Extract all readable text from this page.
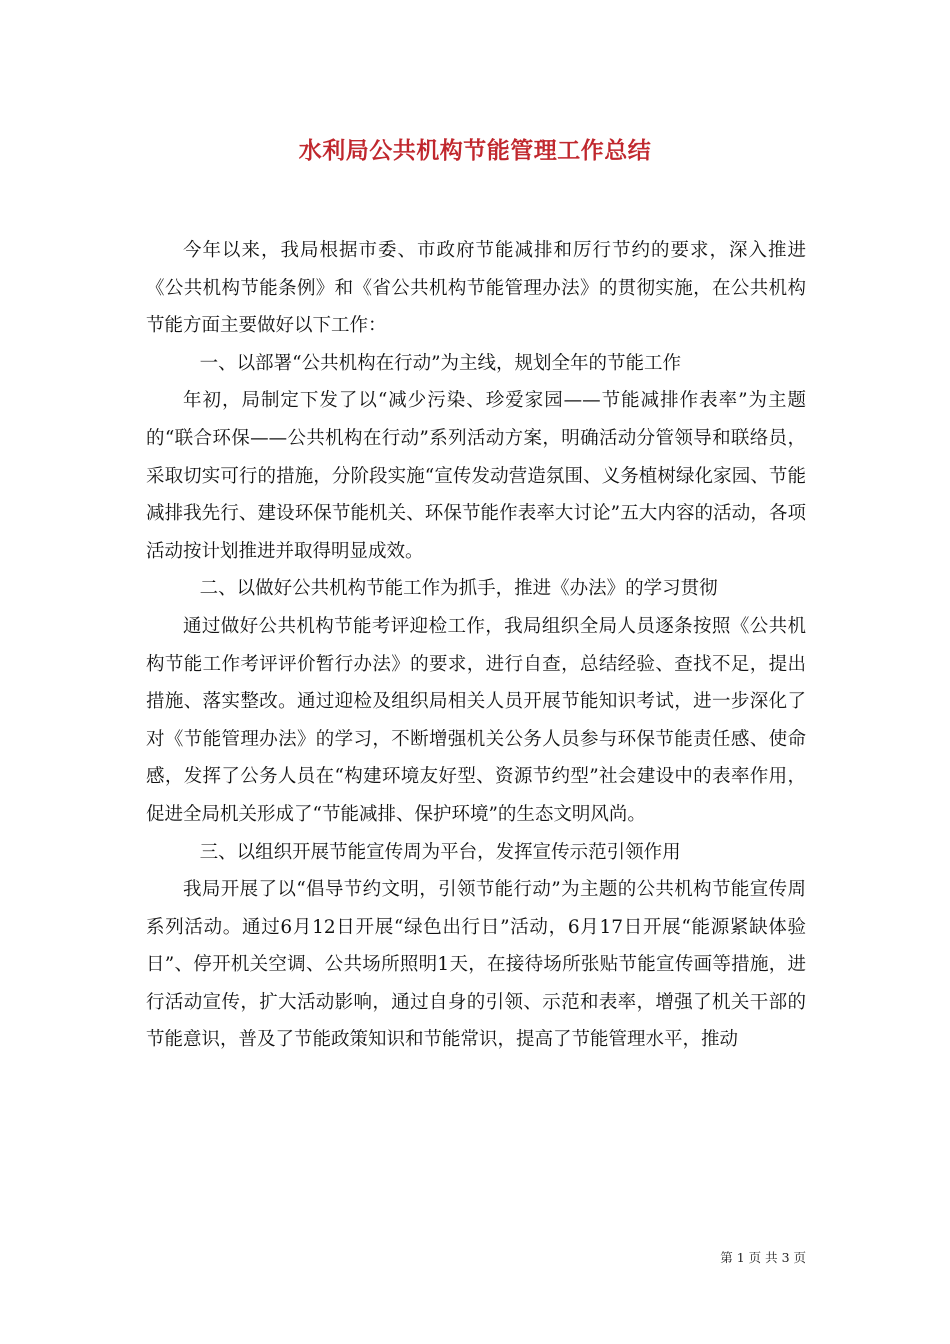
水利局公共机构节能管理工作总结

今年以来，我局根据市委、市政府节能减排和厉行节约的要求，深入推进《公共机构节能条例》和《省公共机构节能管理办法》的贯彻实施，在公共机构节能方面主要做好以下工作：

一、以部署“公共机构在行动”为主线，规划全年的节能工作

年初，局制定下发了以“减少污染、珍爱家园——节能减排作表率”为主题的“联合环保——公共机构在行动”系列活动方案，明确活动分管领导和联络员，采取切实可行的措施，分阶段实施“宣传发动营造氛围、义务植树绿化家园、节能减排我先行、建设环保节能机关、环保节能作表率大讨论”五大内容的活动，各项活动按计划推进并取得明显成效。

二、以做好公共机构节能工作为抓手，推进《办法》的学习贯彻

通过做好公共机构节能考评迎检工作，我局组织全局人员逐条按照《公共机构节能工作考评评价暂行办法》的要求，进行自查，总结经验、查找不足，提出措施、落实整改。通过迎检及组织局相关人员开展节能知识考试，进一步深化了对《节能管理办法》的学习，不断增强机关公务人员参与环保节能责任感、使命感，发挥了公务人员在“构建环境友好型、资源节约型”社会建设中的表率作用，促进全局机关形成了“节能减排、保护环境”的生态文明风尚。

三、以组织开展节能宣传周为平台，发挥宣传示范引领作用

我局开展了以“倡导节约文明，引领节能行动”为主题的公共机构节能宣传周系列活动。通过6月12日开展“绿色出行日”活动，6月17日开展“能源紧缺体验日”、停开机关空调、公共场所照明1天，在接待场所张贴节能宣传画等措施，进行活动宣传，扩大活动影响，通过自身的引领、示范和表率，增强了机关干部的节能意识，普及了节能政策知识和节能常识，提高了节能管理水平，推动

第 1 页 共 3 页
